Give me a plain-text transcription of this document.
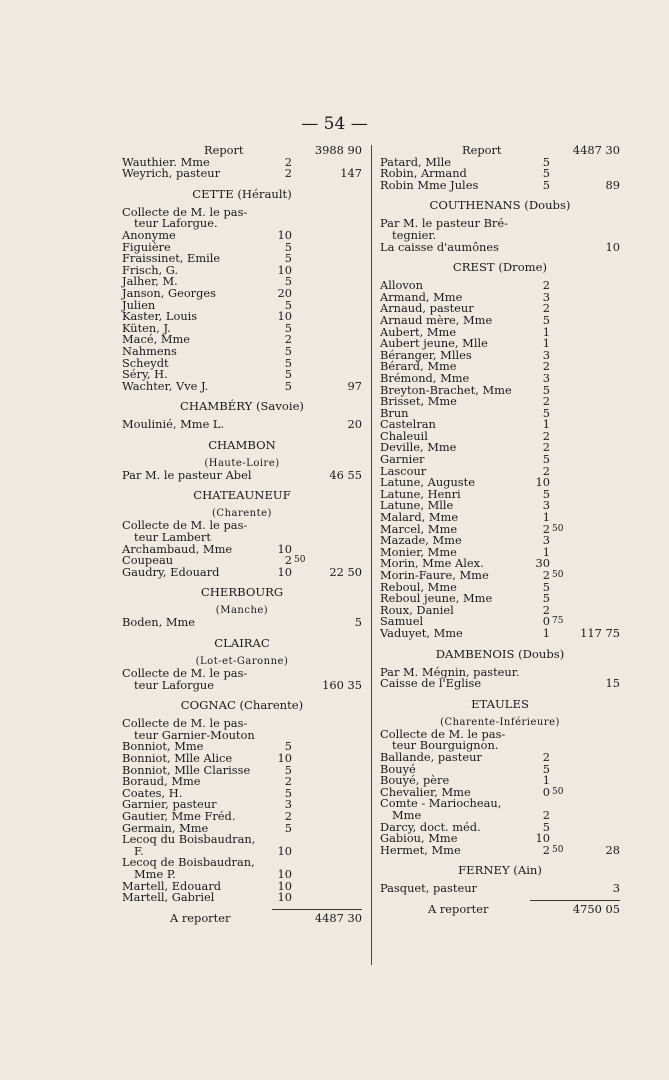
— 54 —
Report	3988 90
Wauthier. Mme	2
Weyrich, pasteur	2	147
CETTE (Hérault)
Collecte de M. le pas-
teur Laforgue.
Anonyme	10
Figuière	5
Fraissinet, Emile	5
Frisch, G.	10
Jalher, M.	5
Janson, Georges	20
Julien	5
Kaster, Louis	10
Küten, J.	5
Macé, Mme	2
Nahmens	5
Scheydt	5
Séry, H.	5
Wachter, Vve J.	5	97
CHAMBÉRY (Savoie)
Moulinié, Mme L.	20
CHAMBON
(Haute-Loire)
Par M. le pasteur Abel	46 55
CHATEAUNEUF
(Charente)
Collecte de M. le pas-
teur Lambert
Archambaud, Mme	10
Coupeau	2 50
Gaudry, Edouard	10	22 50
CHERBOURG
(Manche)
Boden, Mme	5
CLAIRAC
(Lot-et-Garonne)
Collecte de M. le pas-
teur Laforgue	160 35
COGNAC (Charente)
Collecte de M. le pas-
teur Garnier-Mouton
Bonniot, Mme	5
Bonniot, Mlle Alice	10
Bonniot, Mlle Clarisse	5
Boraud, Mme	2
Coates, H.	5
Garnier, pasteur	3
Gautier, Mme Fréd.	2
Germain, Mme	5
Lecoq du Boisbaudran,
F.	10
Lecoq de Boisbaudran,
Mme P.	10
Martell, Edouard	10
Martell, Gabriel	10
A reporter	4487 30
Report	4487 30
Patard, Mlle	5
Robin, Armand	5
Robin Mme Jules	5	89
COUTHENANS (Doubs)
Par M. le pasteur Bré-
tegnier.
La caisse d'aumônes	10
CREST (Drome)
Allovon	2
Armand, Mme	3
Arnaud, pasteur	2
Arnaud mère, Mme	5
Aubert, Mme	1
Aubert jeune, Mlle	1
Béranger, Mlles	3
Bérard, Mme	2
Brémond, Mme	3
Breyton-Brachet, Mme	5
Brisset, Mme	2
Brun	5
Castelran	1
Chaleuil	2
Deville, Mme	2
Garnier	5
Lascour	2
Latune, Auguste	10
Latune, Henri	5
Latune, Mlle	3
Malard, Mme	1
Marcel, Mme	2 50
Mazade, Mme	3
Monier, Mme	1
Morin, Mme Alex.	30
Morin-Faure, Mme	2 50
Reboul, Mme	5
Reboul jeune, Mme	5
Roux, Daniel	2
Samuel	0 75
Vaduyet, Mme	1	117 75
DAMBENOIS (Doubs)
Par M. Mégnin, pasteur.
Caisse de l'Eglise	15
ETAULES
(Charente-Inférieure)
Collecte de M. le pas-
teur Bourguignon.
Ballande, pasteur	2
Bouyé	5
Bouyé, père	1
Chevalier, Mme	0 50
Comte - Mariocheau,
Mme	2
Darcy, doct. méd.	5
Gabiou, Mme	10
Hermet, Mme	2 50	28
FERNEY (Ain)
Pasquet, pasteur	3
A reporter	4750 05
